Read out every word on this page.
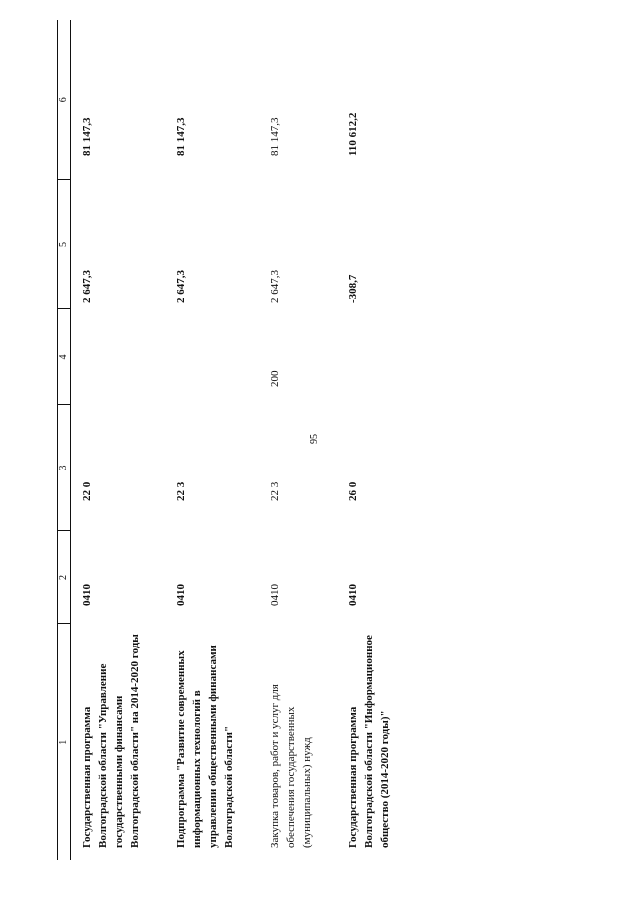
95
1	2	3	4	5	6
Государственная программа Волгоградской области "Управление государственными финансами Волгоградской области" на 2014-2020 годы	0410	22 0		2 647,3	81 147,3
Подпрограмма "Развитие современных информационных технологий в управлении общественными финансами Волгоградской области"	0410	22 3		2 647,3	81 147,3
Закупка товаров, работ и услуг для обеспечения государственных (муниципальных) нужд	0410	22 3	200	2 647,3	81 147,3
Государственная программа Волгоградской области "Информационное общество (2014-2020 годы)"	0410	26 0		-308,7	110 612,2
